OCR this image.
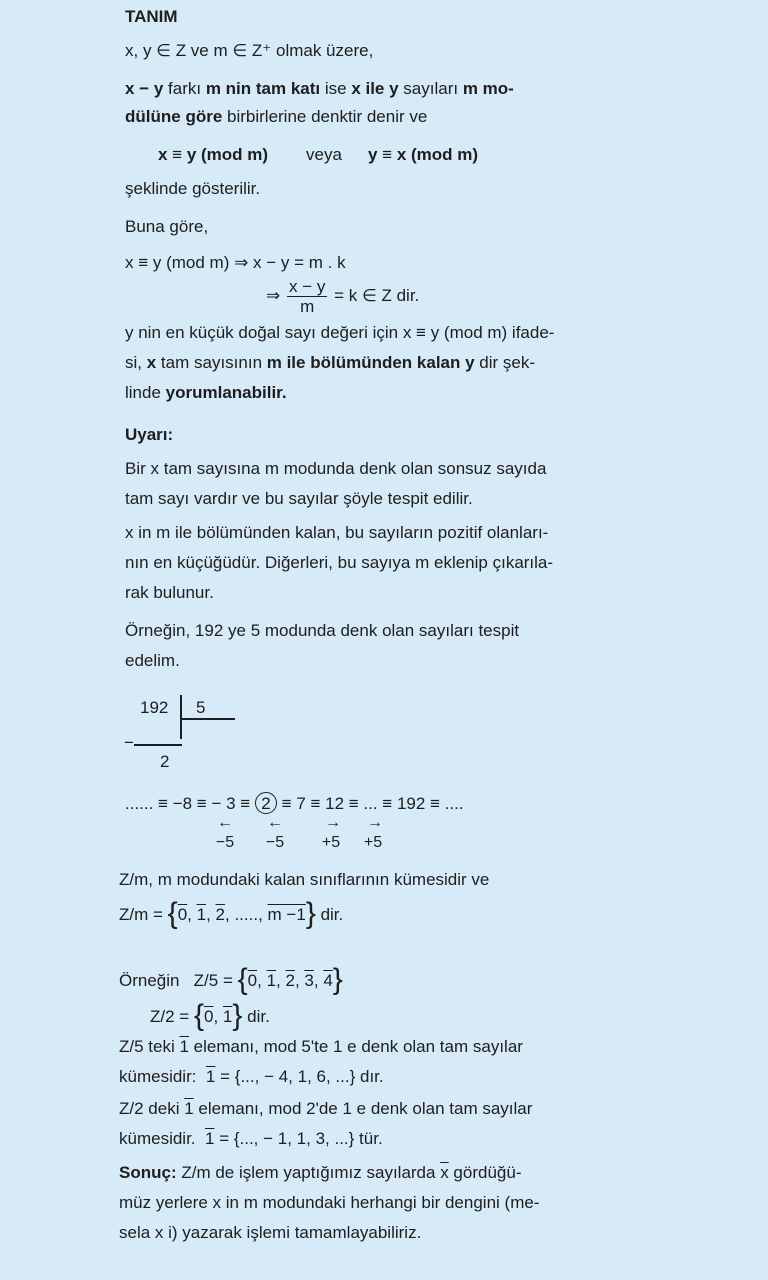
TANIM
x, y ∈ Z ve m ∈ Z⁺ olmak üzere,
x − y farkı m nin tam katı ise x ile y sayıları m mo-
dülüne göre birbirlerine denktir denir ve
x ≡ y (mod m) veya y ≡ x (mod m)
şeklinde gösterilir.
Buna göre,
x ≡ y (mod m) ⇒ x − y = m . k
⇒ $\frac{x - y}{m} = k$ ∈ Z dir.
y nin en küçük doğal sayı değeri için x ≡ y (mod m) ifade-
si, x tam sayısının m ile bölümünden kalan y dir şek-
linde yorumlanabilir.
Uyarı:
Bir x tam sayısına m modunda denk olan sonsuz sayıda
tam sayı vardır ve bu sayılar şöyle tespit edilir.
x in m ile bölümünden kalan, bu sayıların pozitif olanları-
nın en küçüğüdür. Diğerleri, bu sayıya m eklenip çıkarıla-
rak bulunur.
Örneğin, 192 ye 5 modunda denk olan sayıları tespit
edelim.
192 5
−
2
...... ≡ −8 ≡ − 3 ≡ 2 ≡ 7 ≡ 12 ≡ ... ≡ 192 ≡ ....
←	←	→	→
−5	−5	+5	+5
Z/m, m modundaki kalan sınıflarının kümesidir ve
Z/m = {0, 1, 2, ....., m −1} dir.
Örneğin Z/5 = {0, 1, 2, 3, 4}
Z/2 = {0, 1} dir.
Z/5 teki 1 elemanı, mod 5'te 1 e denk olan tam sayılar
kümesidir: 1 = {..., − 4, 1, 6, ...} dır.
Z/2 deki 1 elemanı, mod 2'de 1 e denk olan tam sayılar
kümesidir. 1 = {..., − 1, 1, 3, ...} tür.
Sonuç: Z/m de işlem yaptığımız sayılarda $\overline{x}$ gördüğü-
müz yerlere x in m modundaki herhangi bir dengini (me-
sela x i) yazarak işlemi tamamlayabiliriz.
